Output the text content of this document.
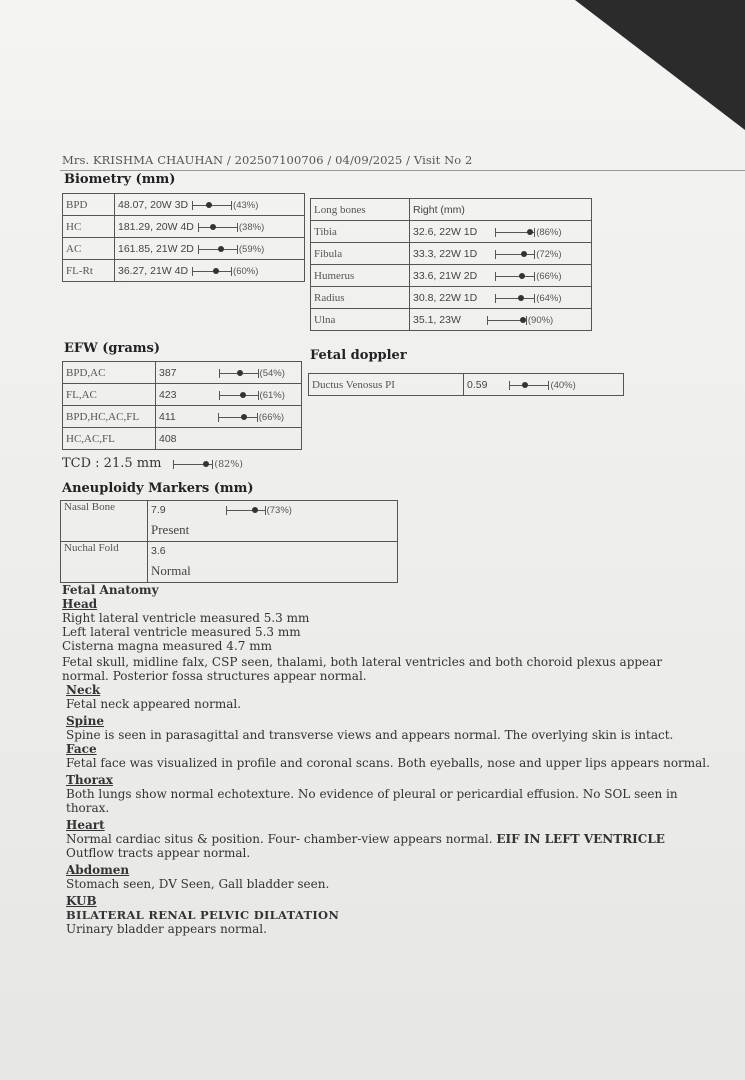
Mrs. KRISHMA CHAUHAN / 20250710070​6 / 04/09/2025 / Visit No 2
Biometry (mm)
BPD	48.07, 20W 3D (43%)
HC	181.29, 20W 4D (38%)
AC	161.85, 21W 2D (59%)
FL-Rt	36.27, 21W 4D (60%)
Long bones	Right (mm)
Tibia	32.6, 22W 1D (86%)
Fibula	33.3, 22W 1D (72%)
Humerus	33.6, 21W 2D (66%)
Radius	30.8, 22W 1D (64%)
Ulna	35.1, 23W (90%)
EFW (grams)
BPD,AC	387 (54%)
FL,AC	423 (61%)
BPD,HC,AC,FL	411 (66%)
HC,AC,FL	408
TCD : 21.5 mm	(82%)
Fetal doppler
Ductus Venosus PI	0.59	(40%)
Aneuploidy Markers (mm)
Nasal Bone	7.9 (73%)
Present
Nuchal Fold	3.6
Normal
Fetal Anatomy
Head
Right lateral ventricle measured 5.3 mm
Left lateral ventricle measured 5.3 mm
Cisterna magna measured 4.7 mm
Fetal skull, midline falx, CSP seen, thalami, both lateral ventricles and both choroid plexus appear
normal. Posterior fossa structures appear normal.
Neck
Fetal neck appeared normal.
Spine
Spine is seen in parasagittal and transverse views and appears normal. The overlying skin is intact.
Face
Fetal face was visualized in profile and coronal scans. Both eyeballs, nose and upper lips appears normal.
Thorax
Both lungs show normal echotexture. No evidence of pleural or pericardial effusion. No SOL seen in
thorax.
Heart
Normal cardiac situs & position. Four- chamber-view appears normal. EIF IN LEFT VENTRICLE
Outflow tracts appear normal.
Abdomen
Stomach seen, DV Seen, Gall bladder seen.
KUB
BILATERAL RENAL PELVIC DILATATION
Urinary bladder appears normal.
